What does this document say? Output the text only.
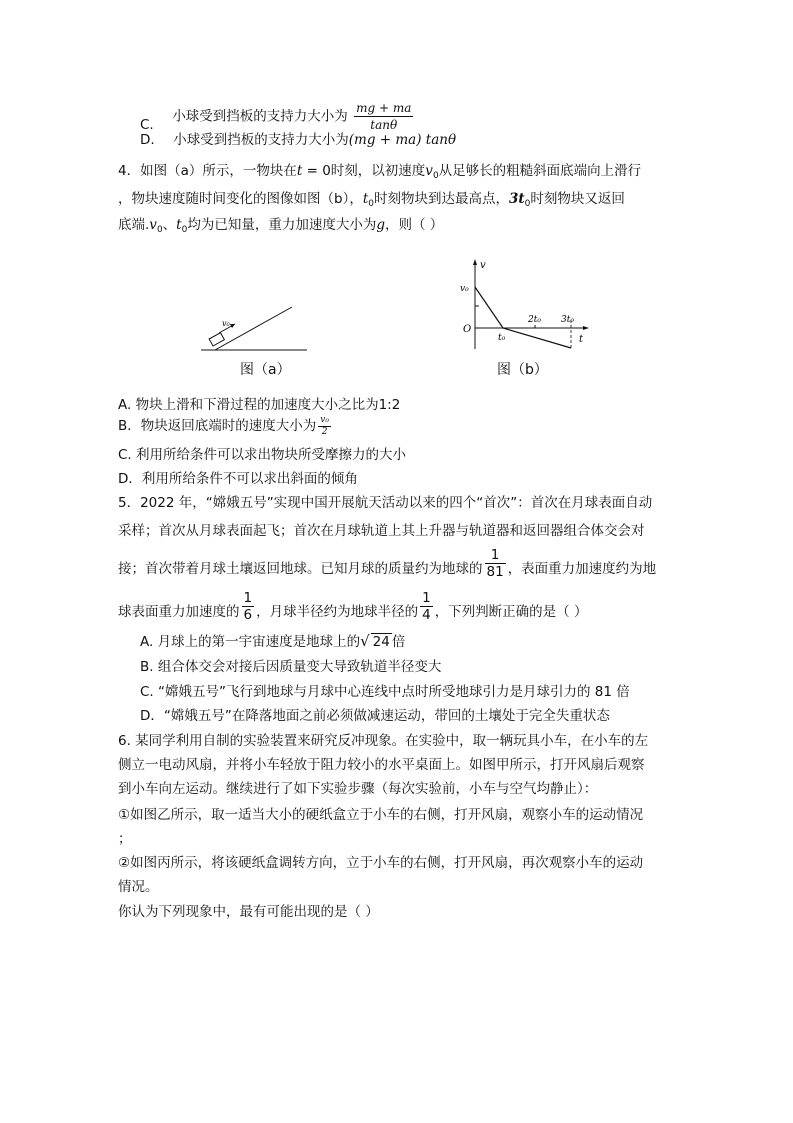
C. 小球受到挡板的支持力大小为 $\frac{mg + ma}{\tan\theta}$
D. 小球受到挡板的支持力大小为(mg + ma) tanθ
4．如图（a）所示，一物块在t = 0时刻，以初速度$v_0$从足够长的粗糙斜面底端向上滑行
，物块速度随时间变化的图像如图（b），$t_0$时刻物块到达最高点，$3t_0$时刻物块又返回
底端$.v_0$、$t_0$均为已知量，重力加速度大小为g，则（ ）
v₀
图（a）
v
v₀
O
t₀
2t₀ 3t₀
t
图（b）
A. 物块上滑和下滑过程的加速度大小之比为1:2
B．物块返回底端时的速度大小为 $\frac{\text{v₀}}{2}$
C. 利用所给条件可以求出物块所受摩擦力的大小
D．利用所给条件不可以求出斜面的倾角
5．2022 年，“嫦娥五号”实现中国开展航天活动以来的四个“首次”：首次在月球表面自动
采样；首次从月球表面起飞；首次在月球轨道上其上升器与轨道器和返回器组合体交会对
接；首次带着月球土壤返回地球。已知月球的质量约为地球的 $\frac{1}{81}$ ，表面重力加速度约为地
球表面重力加速度的 $\frac{1}{6}$ ，月球半径约为地球半径的 $\frac{1}{4}$ ，下列判断正确的是（ ）
A. 月球上的第一宇宙速度是地球上的√ 24 倍
B. 组合体交会对接后因质量变大导致轨道半径变大
C. “嫦娥五号”飞行到地球与月球中心连线中点时所受地球引力是月球引力的 81 倍
D．“嫦娥五号”在降落地面之前必须做减速运动，带回的土壤处于完全失重状态
6. 某同学利用自制的实验装置来研究反冲现象。在实验中，取一辆玩具小车，在小车的左
侧立一电动风扇，并将小车轻放于阻力较小的水平桌面上。如图甲所示，打开风扇后观察
到小车向左运动。继续进行了如下实验步骤（每次实验前，小车与空气均静止）：
①如图乙所示，取一适当大小的硬纸盒立于小车的右侧，打开风扇，观察小车的运动情况
；
②如图丙所示，将该硬纸盒调转方向，立于小车的右侧，打开风扇，再次观察小车的运动
情况。
你认为下列现象中，最有可能出现的是（ ）
